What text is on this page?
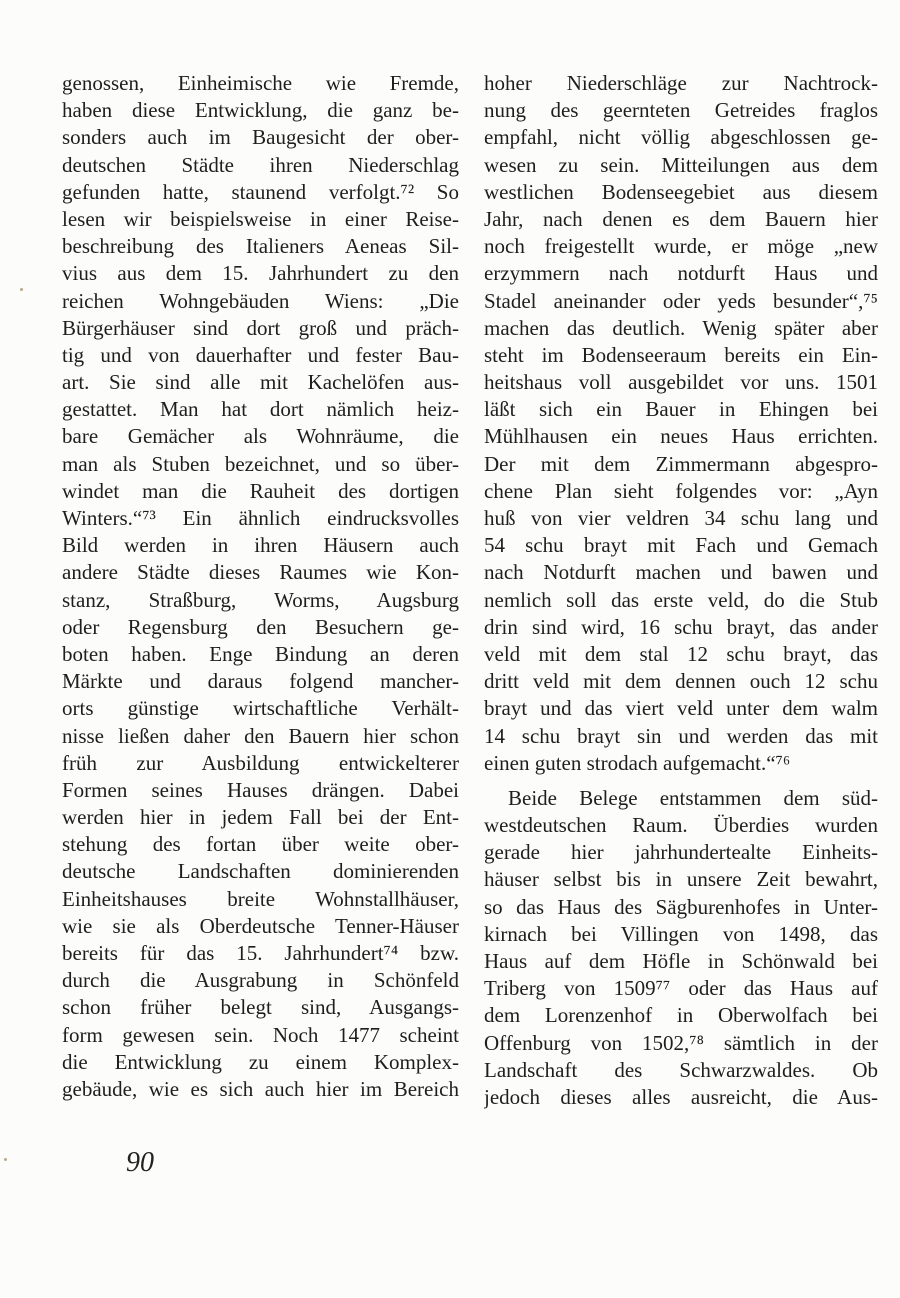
genossen, Einheimische wie Fremde,
haben diese Entwicklung, die ganz be-
sonders auch im Baugesicht der ober-
deutschen Städte ihren Niederschlag
gefunden hatte, staunend verfolgt.⁷² So
lesen wir beispielsweise in einer Reise-
beschreibung des Italieners Aeneas Sil-
vius aus dem 15. Jahrhundert zu den
reichen Wohngebäuden Wiens: „Die
Bürgerhäuser sind dort groß und präch-
tig und von dauerhafter und fester Bau-
art. Sie sind alle mit Kachelöfen aus-
gestattet. Man hat dort nämlich heiz-
bare Gemächer als Wohnräume, die
man als Stuben bezeichnet, und so über-
windet man die Rauheit des dortigen
Winters.“⁷³ Ein ähnlich eindrucksvolles
Bild werden in ihren Häusern auch
andere Städte dieses Raumes wie Kon-
stanz, Straßburg, Worms, Augsburg
oder Regensburg den Besuchern ge-
boten haben. Enge Bindung an deren
Märkte und daraus folgend mancher-
orts günstige wirtschaftliche Verhält-
nisse ließen daher den Bauern hier schon
früh zur Ausbildung entwickelterer
Formen seines Hauses drängen. Dabei
werden hier in jedem Fall bei der Ent-
stehung des fortan über weite ober-
deutsche Landschaften dominierenden
Einheitshauses breite Wohnstallhäuser,
wie sie als Oberdeutsche Tenner-Häuser
bereits für das 15. Jahrhundert⁷⁴ bzw.
durch die Ausgrabung in Schönfeld
schon früher belegt sind, Ausgangs-
form gewesen sein. Noch 1477 scheint
die Entwicklung zu einem Komplex-
gebäude, wie es sich auch hier im Bereich
hoher Niederschläge zur Nachtrock-
nung des geernteten Getreides fraglos
empfahl, nicht völlig abgeschlossen ge-
wesen zu sein. Mitteilungen aus dem
westlichen Bodenseegebiet aus diesem
Jahr, nach denen es dem Bauern hier
noch freigestellt wurde, er möge „new
erzymmern nach notdurft Haus und
Stadel aneinander oder yeds besunder“,⁷⁵
machen das deutlich. Wenig später aber
steht im Bodenseeraum bereits ein Ein-
heitshaus voll ausgebildet vor uns. 1501
läßt sich ein Bauer in Ehingen bei
Mühlhausen ein neues Haus errichten.
Der mit dem Zimmermann abgespro-
chene Plan sieht folgendes vor: „Ayn
huß von vier veldren 34 schu lang und
54 schu brayt mit Fach und Gemach
nach Notdurft machen und bawen und
nemlich soll das erste veld, do die Stub
drin sind wird, 16 schu brayt, das ander
veld mit dem stal 12 schu brayt, das
dritt veld mit dem dennen ouch 12 schu
brayt und das viert veld unter dem walm
14 schu brayt sin und werden das mit
einen guten strodach aufgemacht.“⁷⁶
Beide Belege entstammen dem süd-
westdeutschen Raum. Überdies wurden
gerade hier jahrhundertealte Einheits-
häuser selbst bis in unsere Zeit bewahrt,
so das Haus des Sägburenhofes in Unter-
kirnach bei Villingen von 1498, das
Haus auf dem Höfle in Schönwald bei
Triberg von 1509⁷⁷ oder das Haus auf
dem Lorenzenhof in Oberwolfach bei
Offenburg von 1502,⁷⁸ sämtlich in der
Landschaft des Schwarzwaldes. Ob
jedoch dieses alles ausreicht, die Aus-
90
